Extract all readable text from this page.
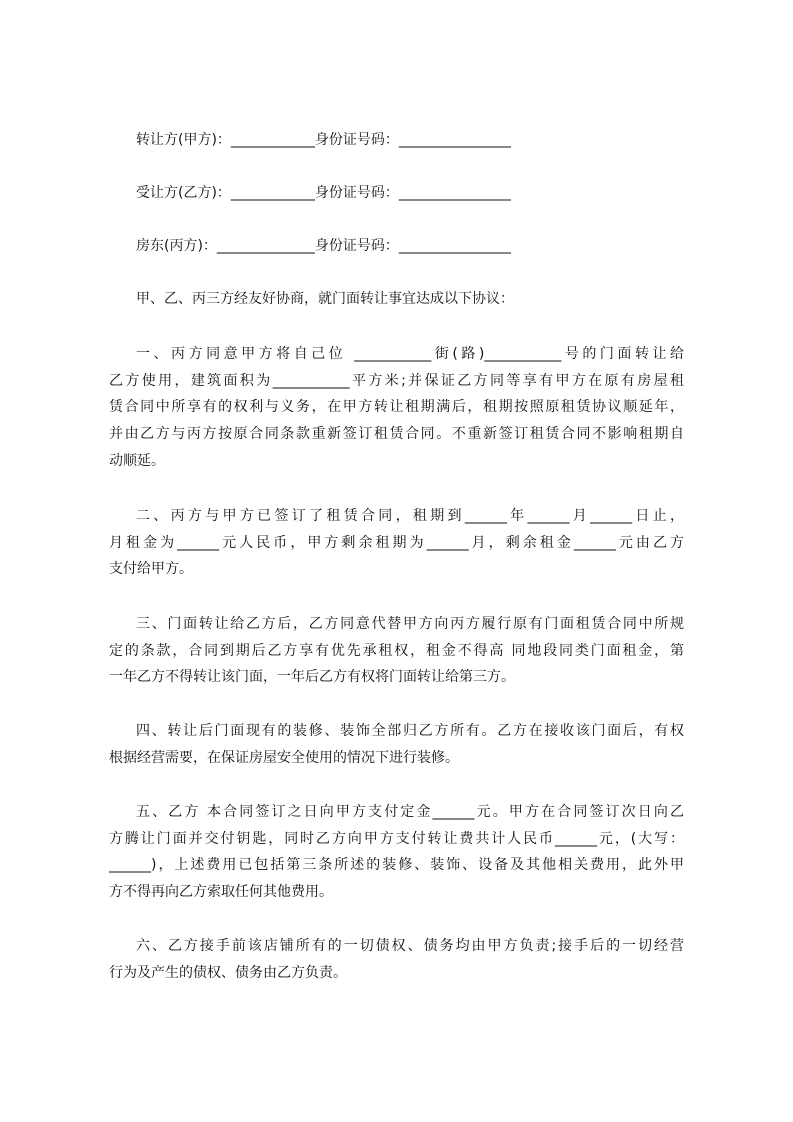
转让方(甲方)：____________身份证号码：________________
受让方(乙方)：____________身份证号码：________________
房东(丙方)：______________身份证号码：________________
甲、乙、丙三方经友好协商，就门面转让事宜达成以下协议：
一、丙方同意甲方将自己位 ___________街(路)___________号的门面转让给
乙方使用，建筑面积为___________平方米;并保证乙方同等享有甲方在原有房屋租
赁合同中所享有的权利与义务，在甲方转让租期满后，租期按照原租赁协议顺延年，
并由乙方与丙方按原合同条款重新签订租赁合同。不重新签订租赁合同不影响租期自
动顺延。
二、丙方与甲方已签订了租赁合同，租期到______年______月______日止，
月租金为______元人民币，甲方剩余租期为______月，剩余租金______元由乙方
支付给甲方。
三、门面转让给乙方后，乙方同意代替甲方向丙方履行原有门面租赁合同中所规
定的条款，合同到期后乙方享有优先承租权，租金不得高 同地段同类门面租金，第
一年乙方不得转让该门面，一年后乙方有权将门面转让给第三方。
四、转让后门面现有的装修、装饰全部归乙方所有。乙方在接收该门面后，有权
根据经营需要，在保证房屋安全使用的情况下进行装修。
五、乙方 本合同签订之日向甲方支付定金______元。甲方在合同签订次日向乙
方腾让门面并交付钥匙，同时乙方向甲方支付转让费共计人民币______元，(大写：
______)，上述费用已包括第三条所述的装修、装饰、设备及其他相关费用，此外甲
方不得再向乙方索取任何其他费用。
六、乙方接手前该店铺所有的一切债权、债务均由甲方负责;接手后的一切经营
行为及产生的债权、债务由乙方负责。
